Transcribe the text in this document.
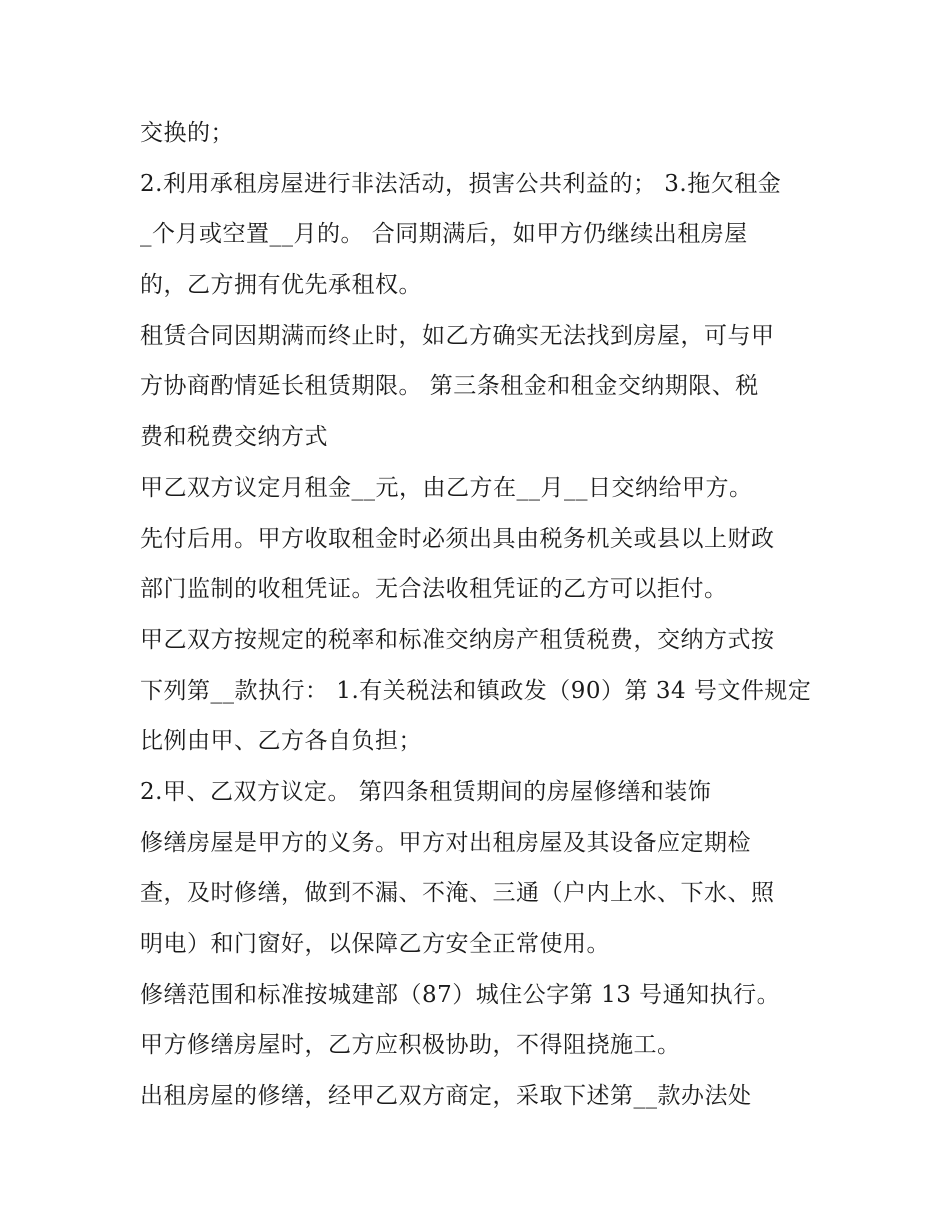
交换的；
2.利用承租房屋进行非法活动，损害公共利益的； 3.拖欠租金
_个月或空置__月的。 合同期满后，如甲方仍继续出租房屋
的，乙方拥有优先承租权。
租赁合同因期满而终止时，如乙方确实无法找到房屋，可与甲
方协商酌情延长租赁期限。 第三条租金和租金交纳期限、税
费和税费交纳方式
甲乙双方议定月租金__元，由乙方在__月__日交纳给甲方。
先付后用。甲方收取租金时必须出具由税务机关或县以上财政
部门监制的收租凭证。无合法收租凭证的乙方可以拒付。
甲乙双方按规定的税率和标准交纳房产租赁税费，交纳方式按
下列第__款执行： 1.有关税法和镇政发（90）第 34 号文件规定
比例由甲、乙方各自负担；
2.甲、乙双方议定。 第四条租赁期间的房屋修缮和装饰
修缮房屋是甲方的义务。甲方对出租房屋及其设备应定期检
查，及时修缮，做到不漏、不淹、三通（户内上水、下水、照
明电）和门窗好，以保障乙方安全正常使用。
修缮范围和标准按城建部（87）城住公字第 13 号通知执行。
甲方修缮房屋时，乙方应积极协助，不得阻挠施工。
出租房屋的修缮，经甲乙双方商定，采取下述第__款办法处
